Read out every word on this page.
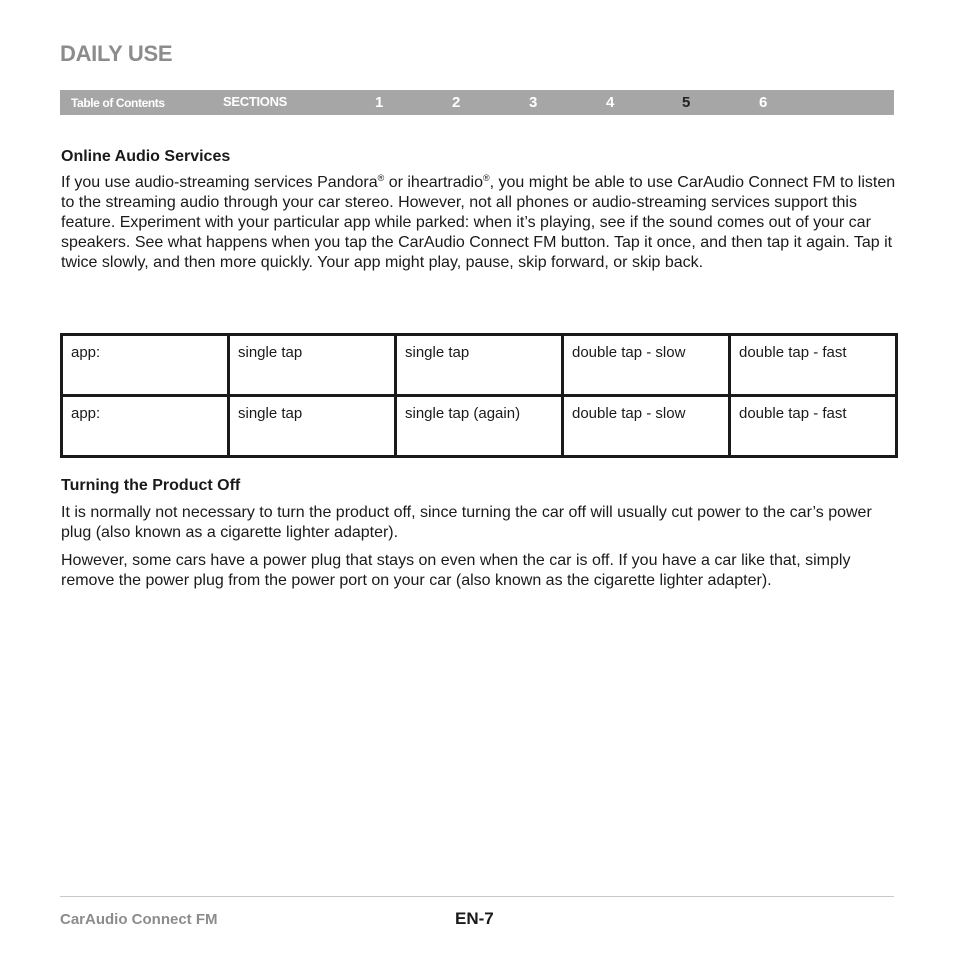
DAILY USE
Table of Contents	SECTIONS	1	2	3	4	5	6
Online Audio Services

If you use audio-streaming services Pandora® or iheartradio®, you might be able to use CarAudio Connect FM to listen to the streaming audio through your car stereo. However, not all phones or audio-streaming services support this feature. Experiment with your particular app while parked: when it’s playing, see if the sound comes out of your car speakers. See what happens when you tap the CarAudio Connect FM button. Tap it once, and then tap it again. Tap it twice slowly, and then more quickly. Your app might play, pause, skip forward, or skip back.

app:	single tap	single tap	double tap - slow	double tap - fast
app:	single tap	single tap (again)	double tap - slow	double tap - fast
Turning the Product Off

It is normally not necessary to turn the product off, since turning the car off will usually cut power to the car’s power plug (also known as a cigarette lighter adapter).

However, some cars have a power plug that stays on even when the car is off. If you have a car like that, simply remove the power plug from the power port on your car (also known as the cigarette lighter adapter).

CarAudio Connect FM	EN-7
